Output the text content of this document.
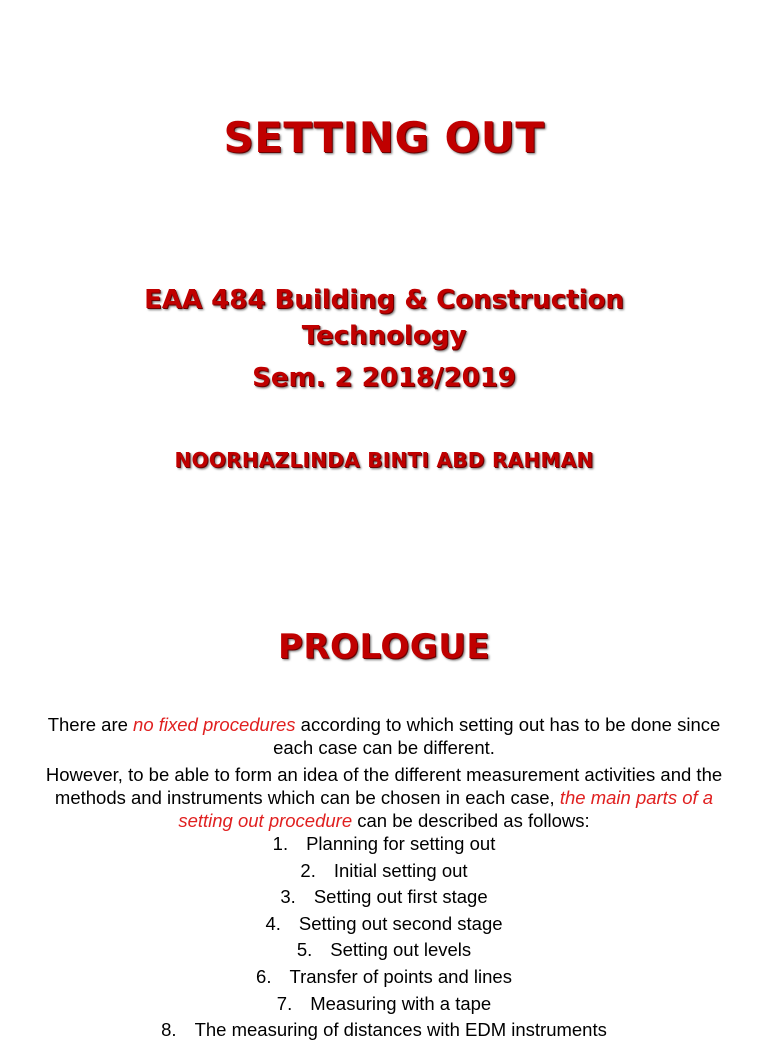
SETTING OUT
EAA 484 Building & Construction
Technology
Sem. 2 2018/2019
NOORHAZLINDA BINTI ABD RAHMAN
PROLOGUE
There are no fixed procedures according to which setting out has to be done since each case can be different.
However, to be able to form an idea of the different measurement activities and the methods and instruments which can be chosen in each case, the main parts of a setting out procedure can be described as follows:
1. Planning for setting out
2. Initial setting out
3. Setting out first stage
4. Setting out second stage
5. Setting out levels
6. Transfer of points and lines
7. Measuring with a tape
8. The measuring of distances with EDM instruments
